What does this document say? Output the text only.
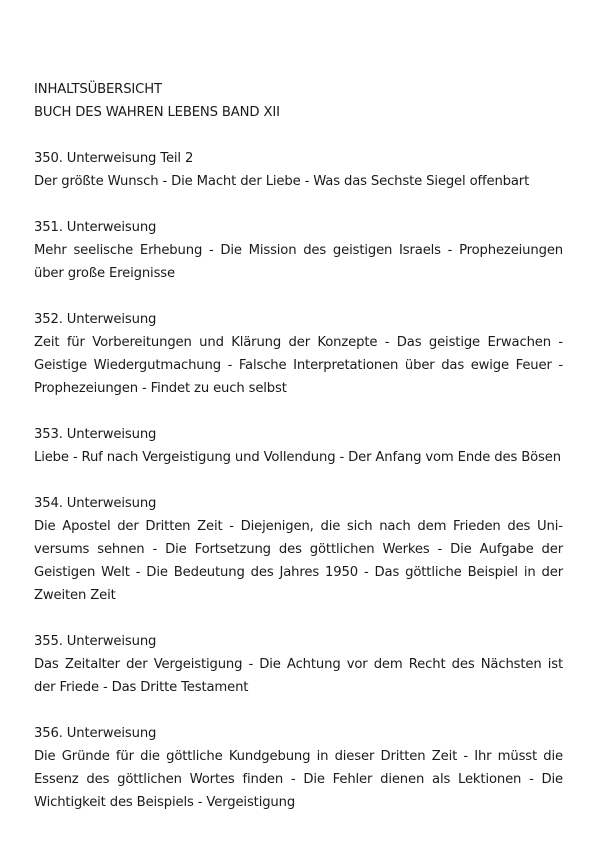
INHALTSÜBERSICHT
BUCH DES WAHREN LEBENS BAND XII
350. Unterweisung Teil 2
Der größte Wunsch - Die Macht der Liebe - Was das Sechste Siegel offenbart
351. Unterweisung
Mehr seelische Erhebung - Die Mission des geistigen Israels - Prophezeiungen über große Ereignisse
352. Unterweisung
Zeit für Vorbereitungen und Klärung der Konzepte - Das geistige Erwachen - Geistige Wiedergutmachung - Falsche Interpretationen über das ewige Feuer - Prophezeiungen - Findet zu euch selbst
353. Unterweisung
Liebe - Ruf nach Vergeistigung und Vollendung - Der Anfang vom Ende des Bösen
354. Unterweisung
Die Apostel der Dritten Zeit - Diejenigen, die sich nach dem Frieden des Universums sehnen - Die Fortsetzung des göttlichen Werkes - Die Aufgabe der Geistigen Welt - Die Bedeutung des Jahres 1950 - Das göttliche Beispiel in der Zweiten Zeit
355. Unterweisung
Das Zeitalter der Vergeistigung - Die Achtung vor dem Recht des Nächsten ist der Friede - Das Dritte Testament
356. Unterweisung
Die Gründe für die göttliche Kundgebung in dieser Dritten Zeit - Ihr müsst die Essenz des göttlichen Wortes finden - Die Fehler dienen als Lektionen - Die Wichtigkeit des Beispiels - Vergeistigung
